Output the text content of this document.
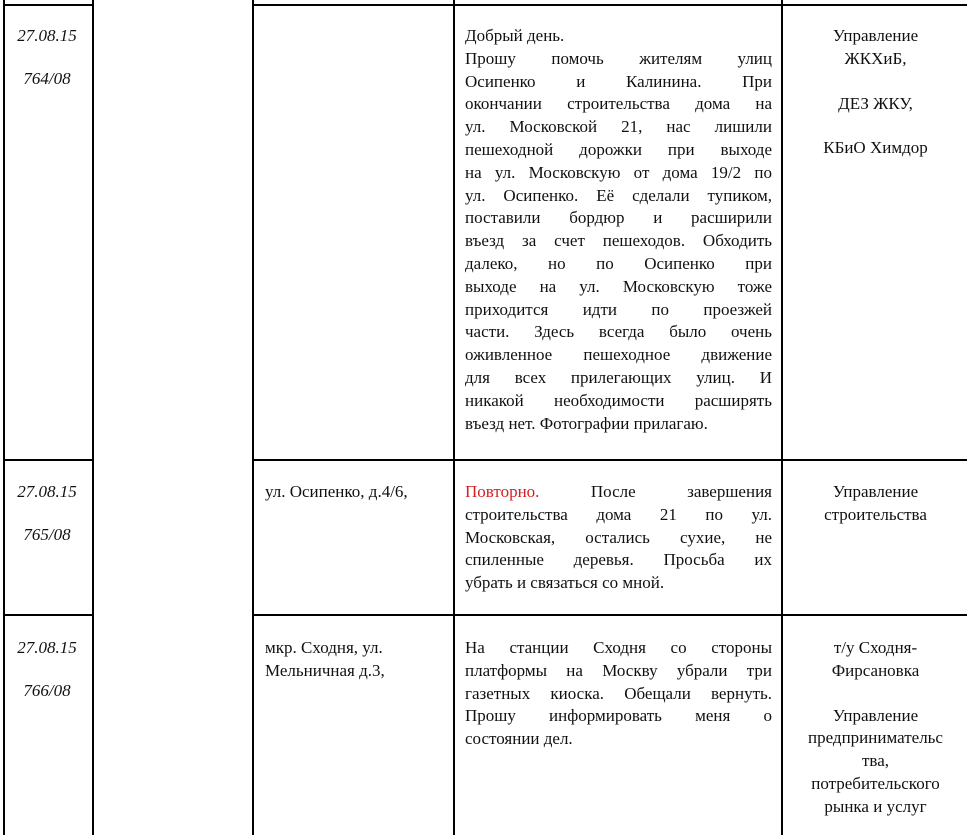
27.08.15
764/08
Добрый день.
Прошу помочь жителям улиц
Осипенко и Калинина. При
окончании строительства дома на
ул. Московской 21, нас лишили
пешеходной дорожки при выходе
на ул. Московскую от дома 19/2 по
ул. Осипенко. Её сделали тупиком,
поставили бордюр и расширили
въезд за счет пешеходов. Обходить
далеко, но по Осипенко при
выходе на ул. Московскую тоже
приходится идти по проезжей
части. Здесь всегда было очень
оживленное пешеходное движение
для всех прилегающих улиц. И
никакой необходимости расширять
въезд нет. Фотографии прилагаю.
Управление
ЖКХиБ,
ДЕЗ ЖКУ,
КБиО Химдор
27.08.15
765/08
ул. Осипенко, д.4/6,	Повторно.	После завершения
строительства дома 21 по ул.
Московская, остались сухие, не
спиленные деревья. Просьба их
убрать и связаться со мной.
Управление
строительства
27.08.15
766/08
мкр. Сходня, ул.
Мельничная д.3,
На станции Сходня со стороны
платформы на Москву убрали три
газетных киоска. Обещали вернуть.
Прошу информировать меня о
состоянии дел.
т/у Сходня-
Фирсановка
Управление
предпринимательс
тва,
потребительского
рынка и услуг
